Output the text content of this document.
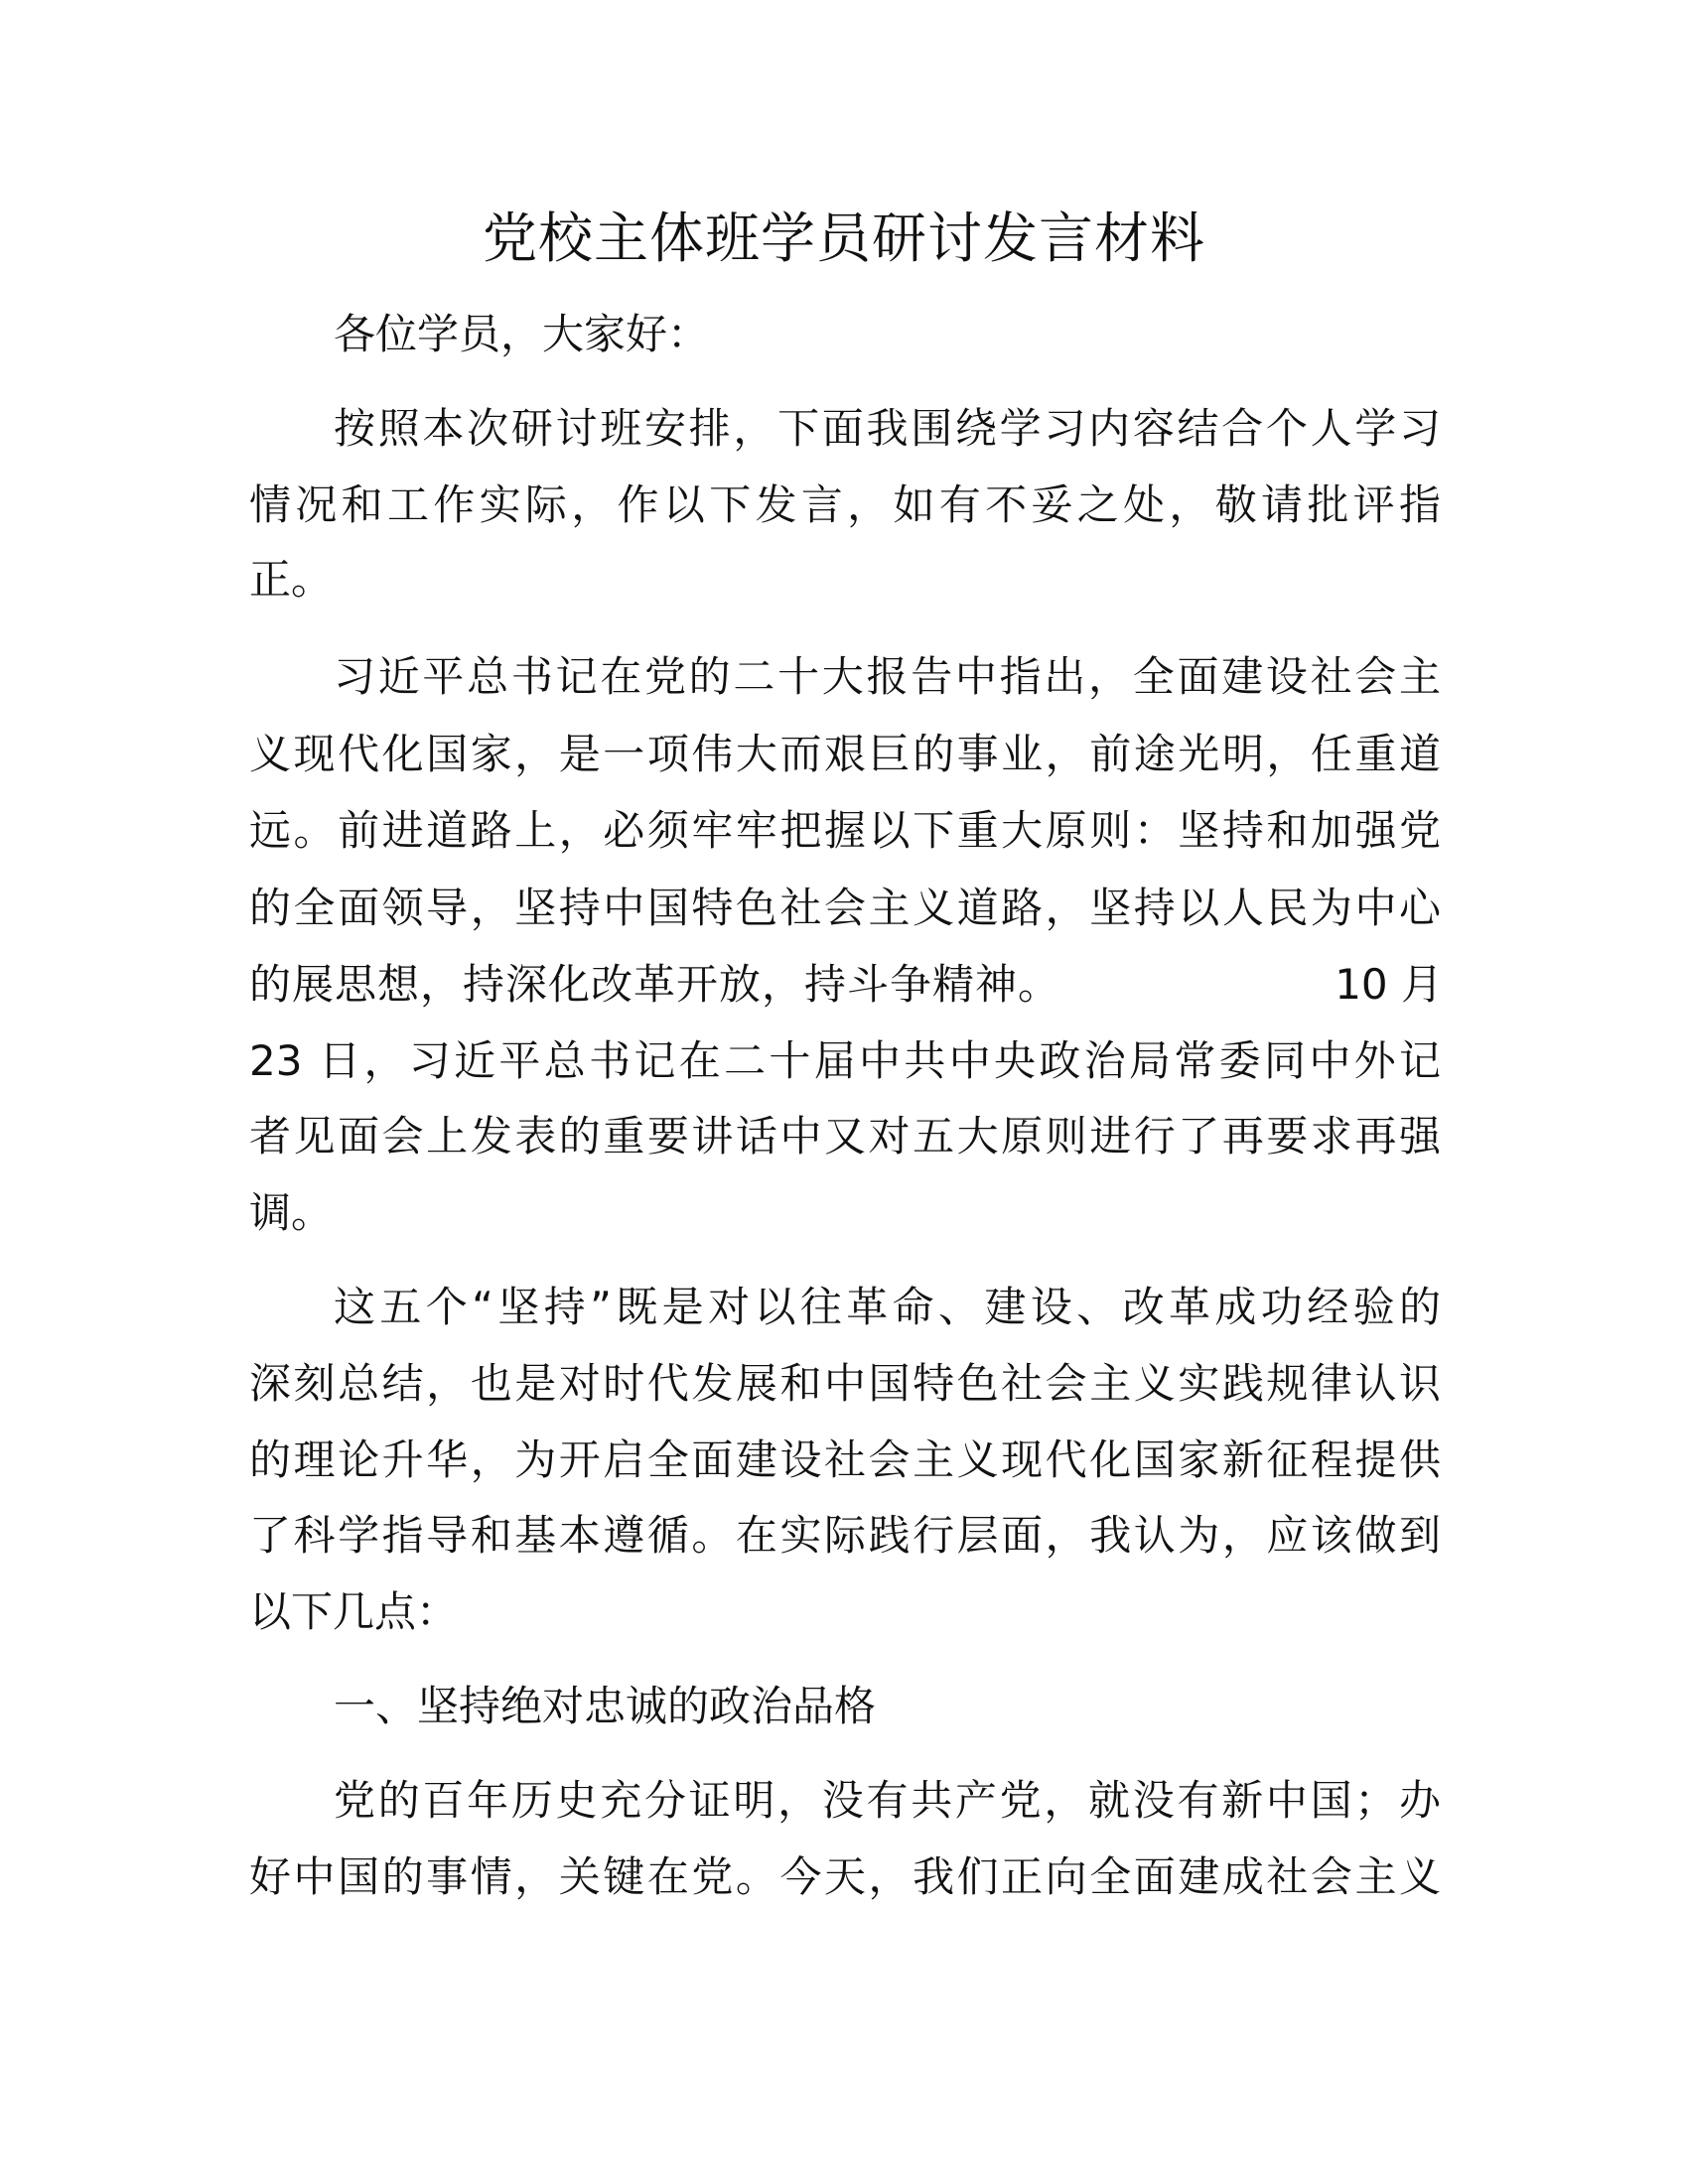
党校主体班学员研讨发言材料
各位学员，大家好：
按照本次研讨班安排，下面我围绕学习内容结合个人学习
情况和工作实际，作以下发言，如有不妥之处，敬请批评指
正。
习近平总书记在党的二十大报告中指出，全面建设社会主
义现代化国家，是一项伟大而艰巨的事业，前途光明，任重道
远。前进道路上，必须牢牢把握以下重大原则：坚持和加强党
的全面领导，坚持中国特色社会主义道路，坚持以人民为中心
的展思想，持深化改革开放，持斗争精神。	10 月
23 日，习近平总书记在二十届中共中央政治局常委同中外记
者见面会上发表的重要讲话中又对五大原则进行了再要求再强
调。
这五个“坚持”既是对以往革命、建设、改革成功经验的
深刻总结，也是对时代发展和中国特色社会主义实践规律认识
的理论升华，为开启全面建设社会主义现代化国家新征程提供
了科学指导和基本遵循。在实际践行层面，我认为，应该做到
以下几点：
一、坚持绝对忠诚的政治品格
党的百年历史充分证明，没有共产党，就没有新中国；办
好中国的事情，关键在党。今天，我们正向全面建成社会主义
